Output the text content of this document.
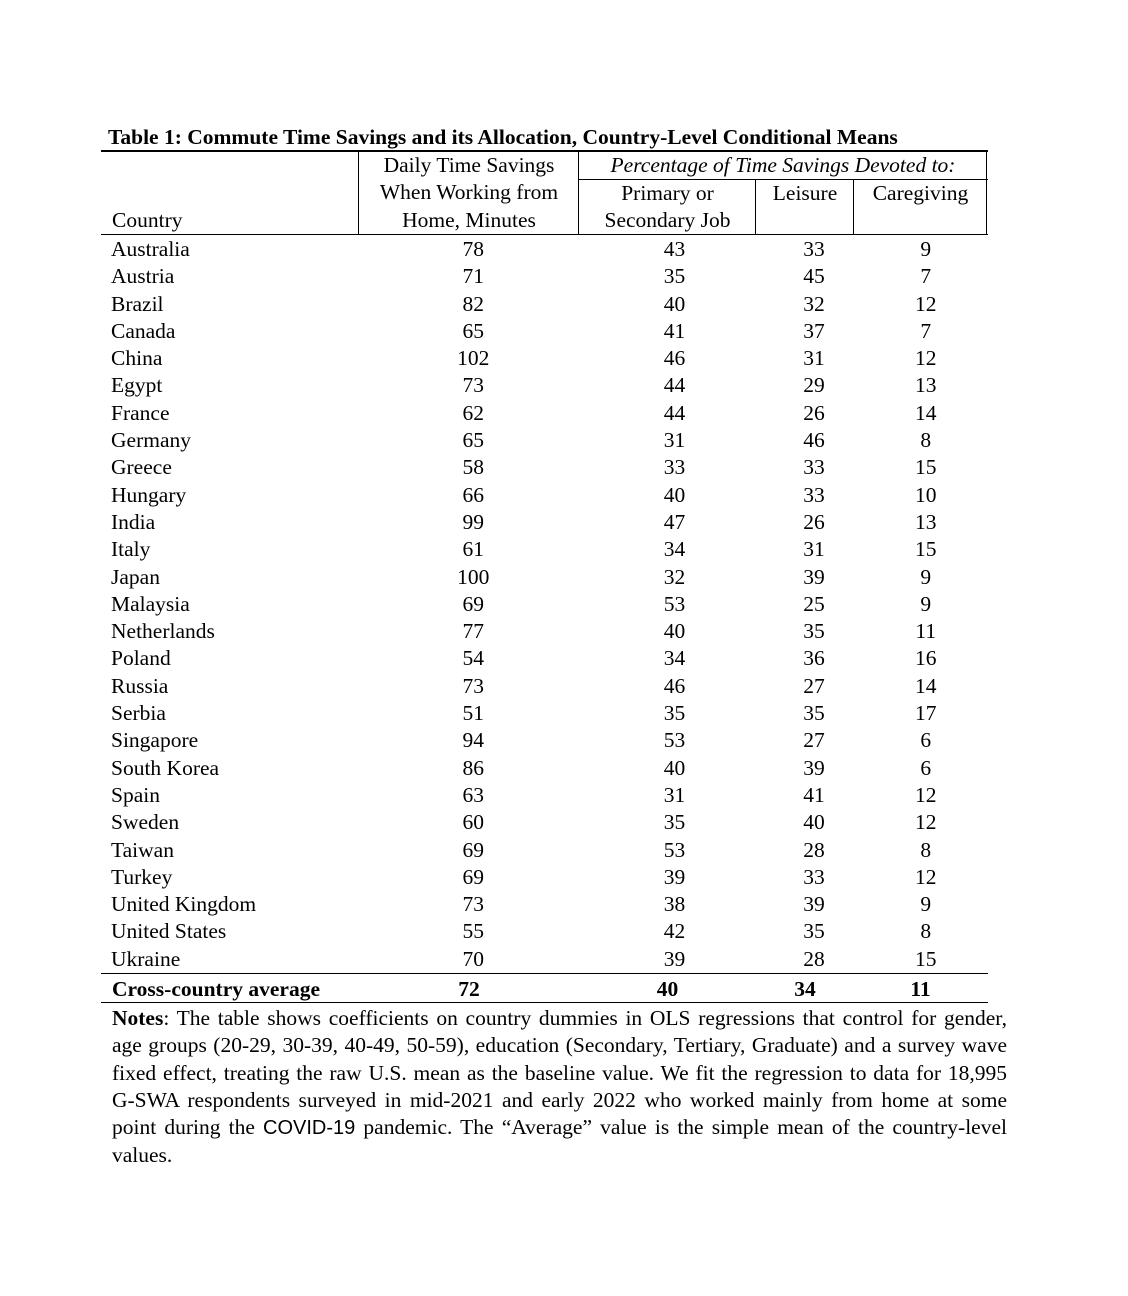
Table 1: Commute Time Savings and its Allocation, Country-Level Conditional Means
Country
Daily Time Savings
When Working from
Home, Minutes
Percentage of Time Savings Devoted to:
Primary or
Secondary Job
Leisure	Caregiving
Australia	78	43	33	9
Austria	71	35	45	7
Brazil	82	40	32	12
Canada	65	41	37	7
China	102	46	31	12
Egypt	73	44	29	13
France	62	44	26	14
Germany	65	31	46	8
Greece	58	33	33	15
Hungary	66	40	33	10
India	99	47	26	13
Italy	61	34	31	15
Japan	100	32	39	9
Malaysia	69	53	25	9
Netherlands	77	40	35	11
Poland	54	34	36	16
Russia	73	46	27	14
Serbia	51	35	35	17
Singapore	94	53	27	6
South Korea	86	40	39	6
Spain	63	31	41	12
Sweden	60	35	40	12
Taiwan	69	53	28	8
Turkey	69	39	33	12
United Kingdom	73	38	39	9
United States	55	42	35	8
Ukraine	70	39	28	15
Cross-country average	72	40	34	11
Notes: The table shows coefficients on country dummies in OLS regressions that control for gender, age groups (20-29, 30-39, 40-49, 50-59), education (Secondary, Tertiary, Graduate) and a survey wave fixed effect, treating the raw U.S. mean as the baseline value. We fit the regression to data for 18,995 G-SWA respondents surveyed in mid-2021 and early 2022 who worked mainly from home at some point during the COVID-19 pandemic. The “Average” value is the simple mean of the country-level values.
